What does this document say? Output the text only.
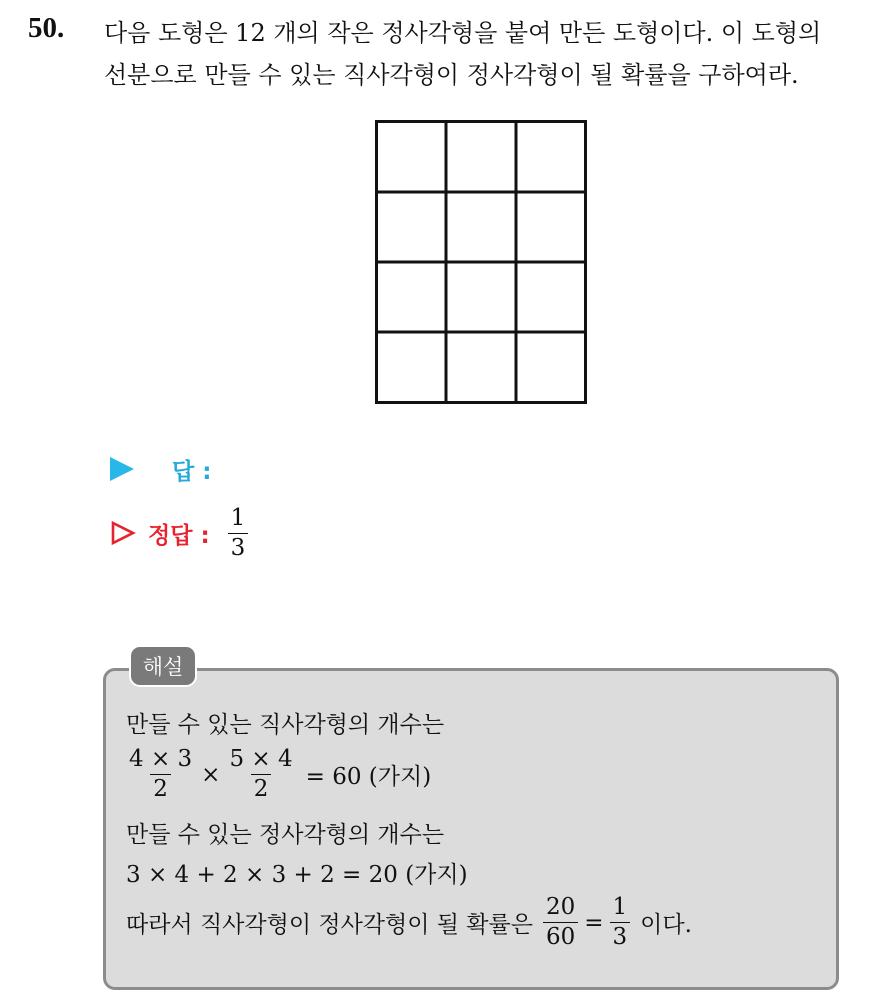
50. 다음 도형은 12 개의 작은 정사각형을 붙여 만든 도형이다. 이 도형의
선분으로 만들 수 있는 직사각형이 정사각형이 될 확률을 구하여라.
답 :
정답 : $\frac{1}{3}$
해설
만들 수 있는 직사각형의 개수는
$\frac{4 \times 3}{2} \times \frac{5 \times 4}{2} = 60$ (가지)
만들 수 있는 정사각형의 개수는
3 × 4 + 2 × 3 + 2 = 20 (가지)
따라서 직사각형이 정사각형이 될 확률은 $\frac{20}{60} = \frac{1}{3}$ 이다.
